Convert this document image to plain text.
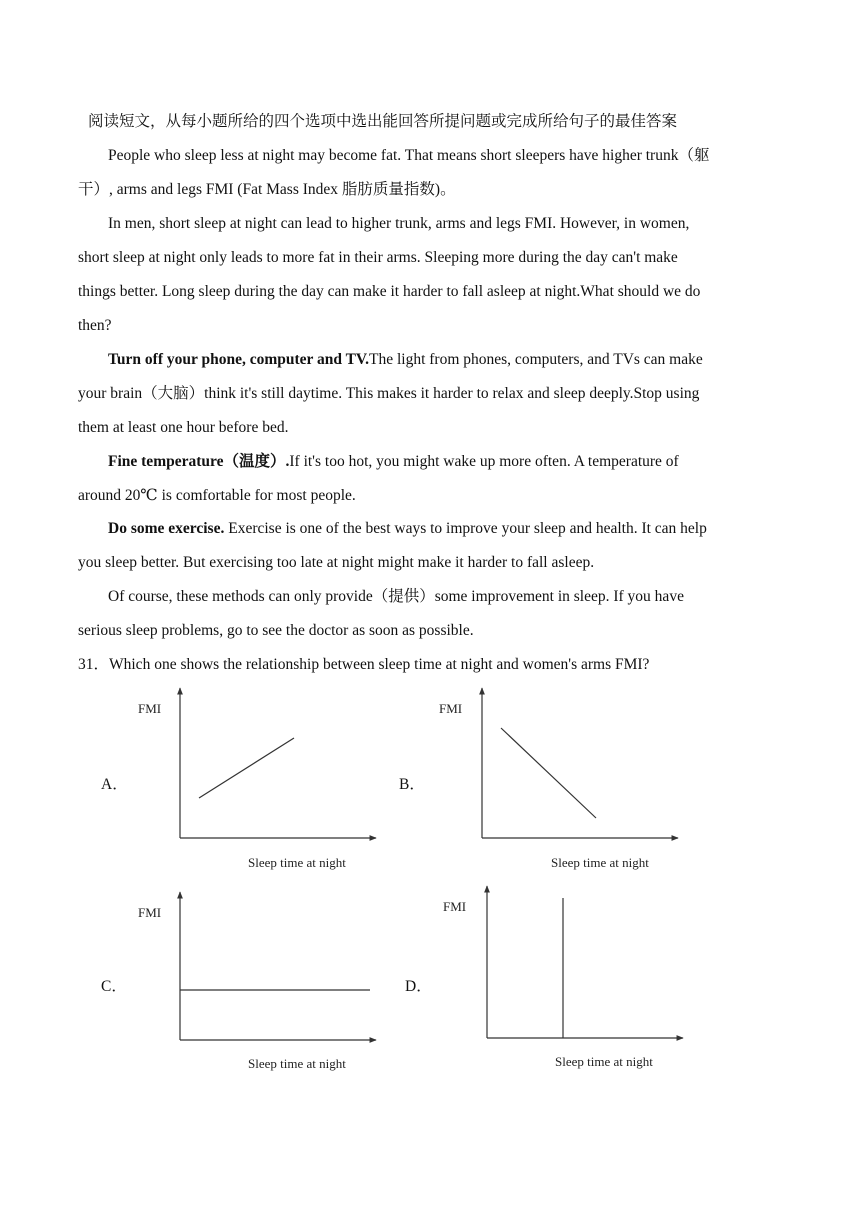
阅读短文，从每小题所给的四个选项中选出能回答所提问题或完成所给句子的最佳答案
People who sleep less at night may become fat. That means short sleepers have higher trunk（躯
干）, arms and legs FMI (Fat Mass Index 脂肪质量指数)。
In men, short sleep at night can lead to higher trunk, arms and legs FMI. However, in women,
short sleep at night only leads to more fat in their arms. Sleeping more during the day can't make
things better. Long sleep during the day can make it harder to fall asleep at night.What should we do
then?
Turn off your phone, computer and TV.The light from phones, computers, and TVs can make
your brain（大脑）think it's still daytime. This makes it harder to relax and sleep deeply.Stop using
them at least one hour before bed.
Fine temperature（温度）.If it's too hot, you might wake up more often. A temperature of
around 20℃ is comfortable for most people.
Do some exercise. Exercise is one of the best ways to improve your sleep and health. It can help
you sleep better. But exercising too late at night might make it harder to fall asleep.
Of course, these methods can only provide（提供）some improvement in sleep. If you have
serious sleep problems, go to see the doctor as soon as possible.
31．Which one shows the relationship between sleep time at night and women's arms FMI?
A．
FMI
Sleep time at night
B．
FMI
Sleep time at night
C．
FMI
Sleep time at night
D．
FMI
Sleep time at night
